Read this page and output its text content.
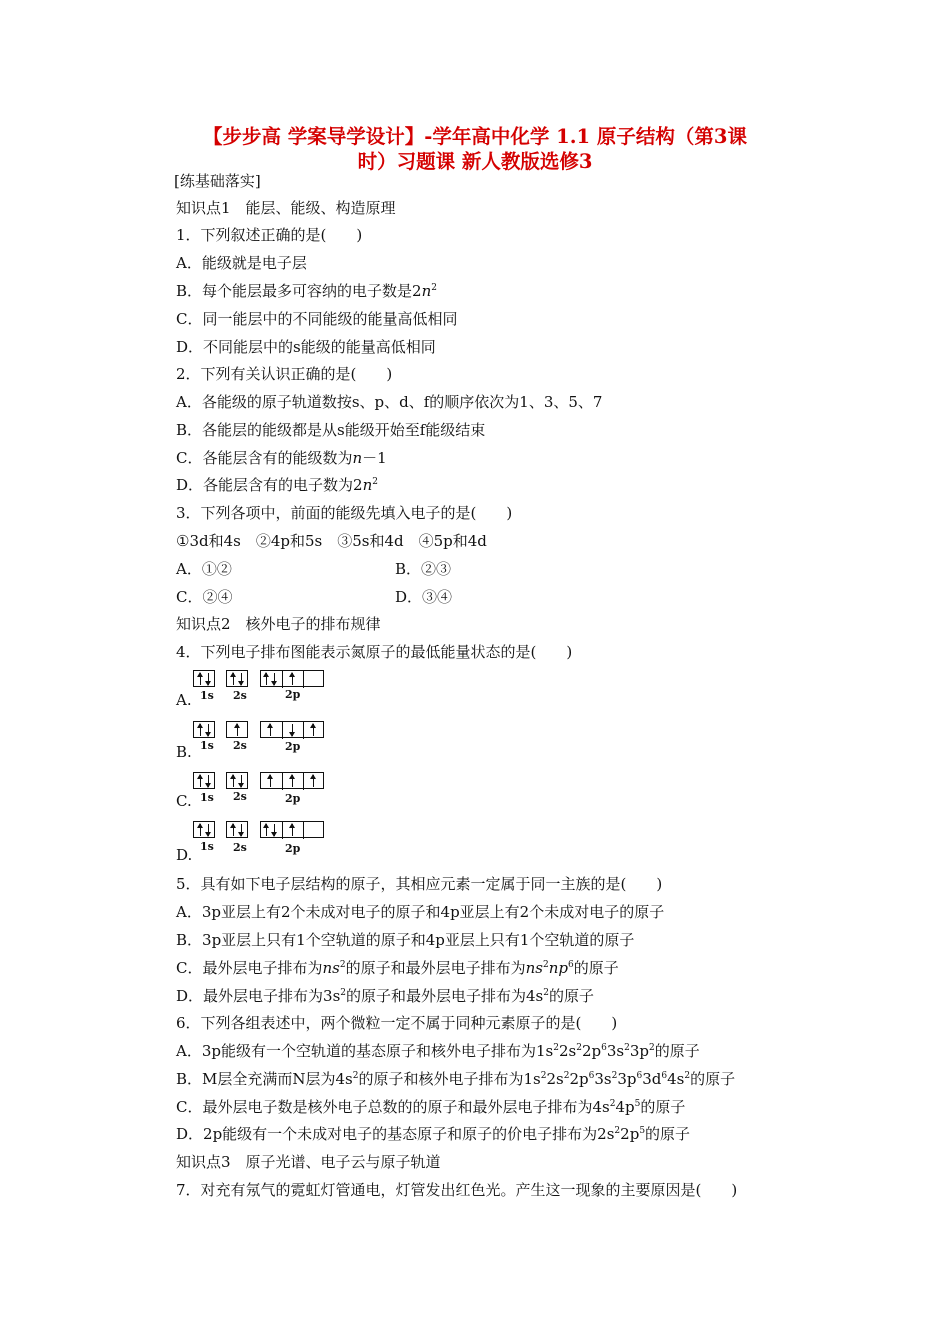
【步步高 学案导学设计】-学年高中化学 1.1 原子结构（第3课
时）习题课 新人教版选修3
[练基础落实]
知识点1　能层、能级、构造原理
1．下列叙述正确的是(　　)
A．能级就是电子层
B．每个能层最多可容纳的电子数是$2n^2$
C．同一能层中的不同能级的能量高低相同
D．不同能层中的s能级的能量高低相同
2．下列有关认识正确的是(　　)
A．各能级的原子轨道数按s、p、d、f的顺序依次为1、3、5、7
B．各能层的能级都是从s能级开始至f能级结束
C．各能层含有的能级数为n－1
D．各能层含有的电子数为$2n^2$
3．下列各项中，前面的能级先填入电子的是(　　)
①3d和4s　②4p和5s　③5s和4d　④5p和4d
A．①②	B．②③
C．②④	D．③④
知识点2　核外电子的排布规律
4．下列电子排布图能表示氮原子的最低能量状态的是(　　)
A. 1s 2s	2p
B. 1s 2s	2p
C. 1s 2s	2p
D. 1s 2s	2p
5．具有如下电子层结构的原子，其相应元素一定属于同一主族的是(　　)
A．3p亚层上有2个未成对电子的原子和4p亚层上有2个未成对电子的原子
B．3p亚层上只有1个空轨道的原子和4p亚层上只有1个空轨道的原子
C．最外层电子排布为$ns^2$的原子和最外层电子排布为$ns^2np^6$的原子
D．最外层电子排布为$3s^2$的原子和最外层电子排布为$4s^2$的原子
6．下列各组表述中，两个微粒一定不属于同种元素原子的是(　　)
A．3p能级有一个空轨道的基态原子和核外电子排布为$1s^22s^22p^63s^23p^2$的原子
B．M层全充满而N层为$4s^2$的原子和核外电子排布为$1s^22s^22p^63s^23p^63d^64s^2$的原子
C．最外层电子数是核外电子总数的的原子和最外层电子排布为$4s^24p^5$的原子
D．2p能级有一个未成对电子的基态原子和原子的价电子排布为$2s^22p^5$的原子
知识点3　原子光谱、电子云与原子轨道
7．对充有氖气的霓虹灯管通电，灯管发出红色光。产生这一现象的主要原因是(　　)
